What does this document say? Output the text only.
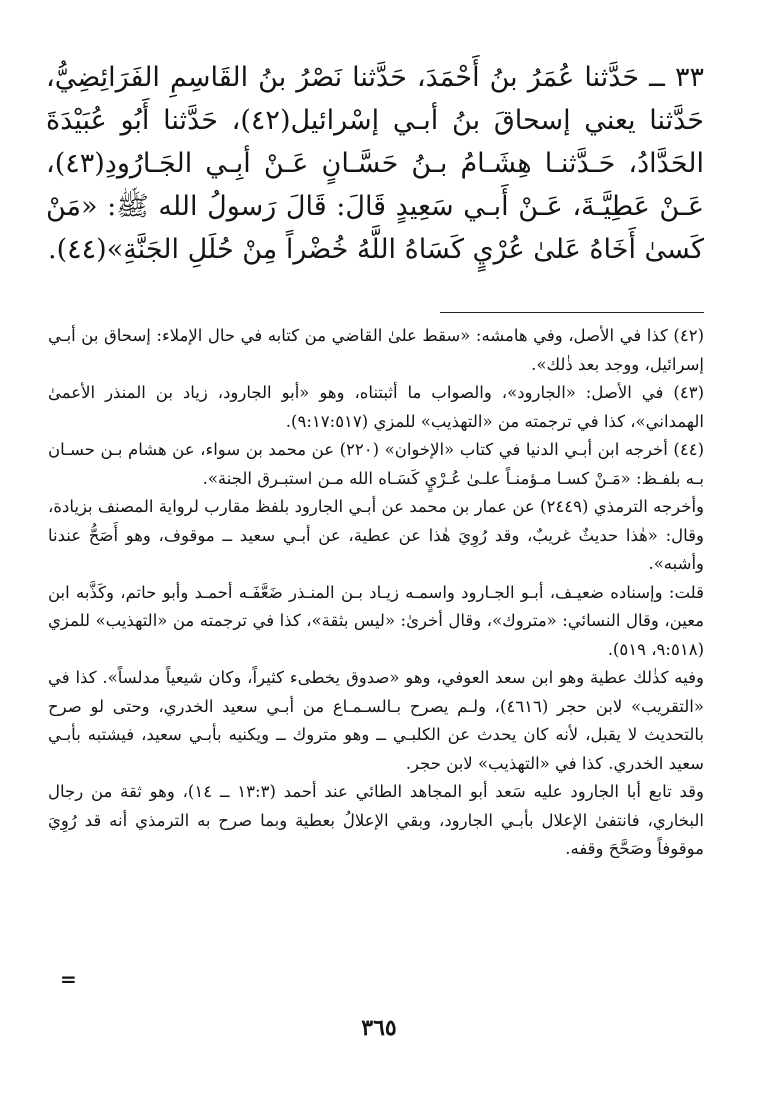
٣٣ ــ حَدَّثنا عُمَرُ بنُ أَحْمَدَ، حَدَّثنا نَصْرُ بنُ القَاسِمِ الفَرَائِضِيُّ، حَدَّثنا يعني إسحاقَ بنُ أبـي إسْرائيل(٤٢)، حَدَّثنا أَبُو عُبَيْدَةَ الحَدَّادُ، حَـدَّثنـا هِشَـامُ بـنُ حَسَّـانٍ عَـنْ أبِـي الجَـارُودِ(٤٣)، عَـنْ عَطِيَّـةَ، عَـنْ أَبـي سَعِيدٍ قَالَ: قَالَ رَسولُ الله ﷺ: «مَنْ كَسىٰ أَخَاهُ عَلىٰ عُرْيٍ كَسَاهُ اللَّهُ خُضْراً مِنْ حُلَلِ الجَنَّةِ»(٤٤).

(٤٢) كذا في الأصل، وفي هامشه: «سقط علىٰ القاضي من كتابه في حال الإملاء: إسحاق بن أبـي إسرائيل، ووجد بعد ذٰلك».

(٤٣) في الأصل: «الجارود»، والصواب ما أثبتناه، وهو «أبو الجارود، زياد بن المنذر الأعمىٰ الهمداني»، كذا في ترجمته من «التهذيب» للمزي (٩:١٧:٥١٧).

(٤٤) أخرجه ابن أبـي الدنيا في كتاب «الإخوان» (٢٢٠) عن محمد بن سواء، عن هشام بـن حسـان بـه بلفـظ: «مَـنْ كسـا مـؤمنـاً علـىٰ عُـرْيٍ كَسَـاه الله مـن استبـرق الجنة».

وأخرجه الترمذي (٢٤٤٩) عن عمار بن محمد عن أبـي الجارود بلفظ مقارب لرواية المصنف بزيادة، وقال: «هٰذا حديثٌ غريبٌ، وقد رُوِيَ هٰذا عن عطية، عن أبـي سعيد ــ موقوف، وهو أَصَحُّ عندنا وأشبه».

قلت: وإسناده ضعيـف، أبـو الجـارود واسمـه زيـاد بـن المنـذر ضَعَّفَـه أحمـد وأبو حاتم، وكَذَّبه ابن معين، وقال النسائي: «متروك»، وقال أخرىٰ: «ليس بثقة»، كذا في ترجمته من «التهذيب» للمزي (٩:٥١٨، ٥١٩).

وفيه كذٰلك عطية وهو ابن سعد العوفي، وهو «صدوق يخطىء كثيراً، وكان شيعياً مدلساً». كذا في «التقريب» لابن حجر (٤٦١٦)، ولـم يصرح بـالسـمـاع من أبـي سعيد الخدري، وحتى لو صرح بالتحديث لا يقبل، لأنه كان يحدث عن الكلبـي ــ وهو متروك ــ ويكنيه بأبـي سعيد، فيشتبه بأبـي سعيد الخدري. كذا في «التهذيب» لابن حجر.

وقد تابع أبا الجارود عليه سَعد أبو المجاهد الطائي عند أحمد (١٣:٣ ــ ١٤)، وهو ثقة من رجال البخاري، فانتفىٰ الإعلال بأبـي الجارود، وبقي الإعلالُ بعطية وبما صرح به الترمذي أنه قد رُوِيَ موقوفاً وصَحَّحَ وقفه.

=
٣٦٥
